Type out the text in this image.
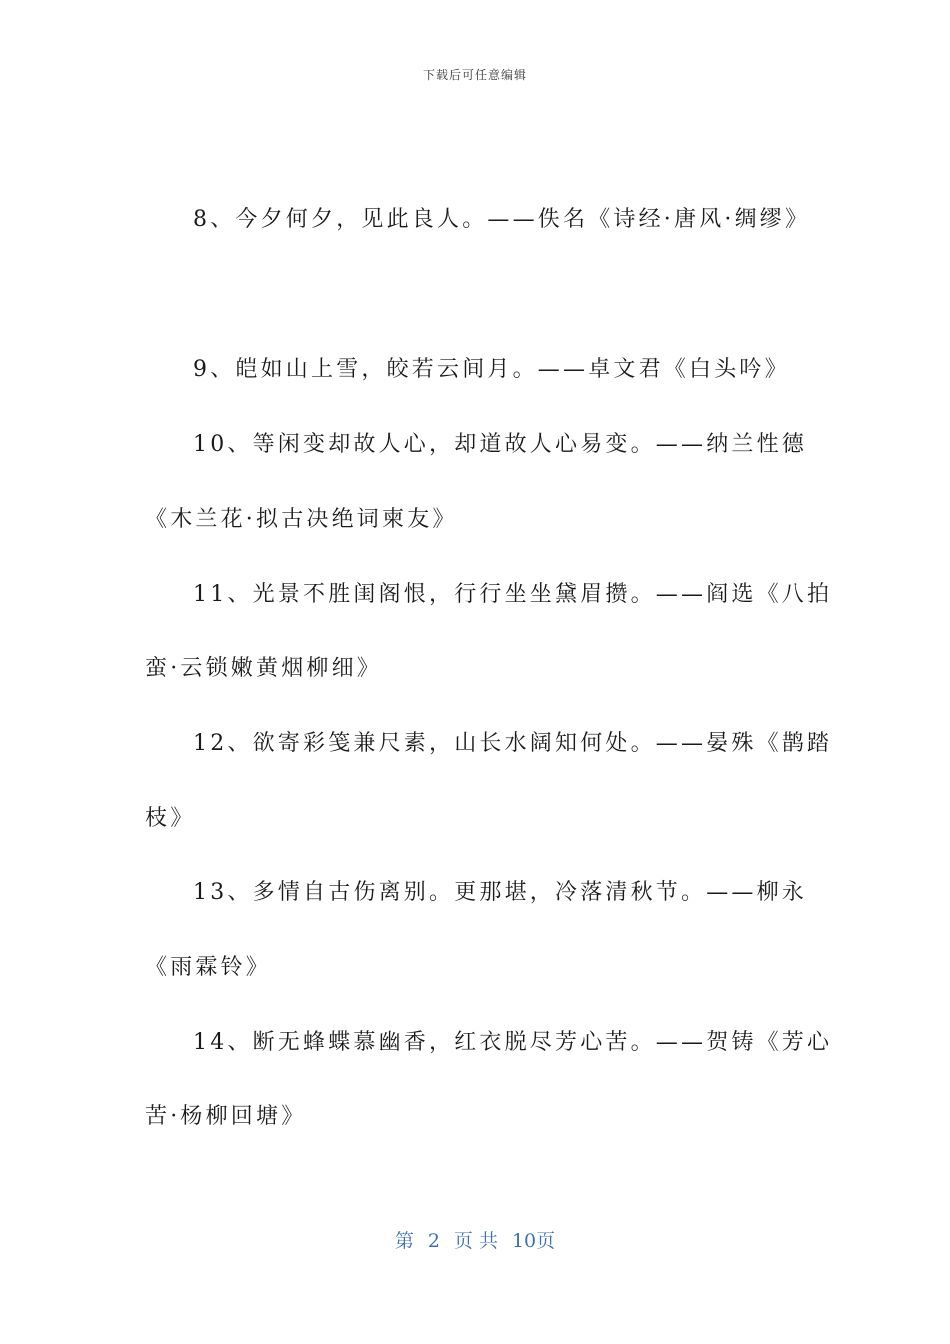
下载后可任意编辑
8、今夕何夕，见此良人。——佚名《诗经·唐风·绸缪》
9、皑如山上雪，皎若云间月。——卓文君《白头吟》
10、等闲变却故人心，却道故人心易变。——纳兰性德
《木兰花·拟古决绝词柬友》
11、光景不胜闺阁恨，行行坐坐黛眉攒。——阎选《八拍
蛮·云锁嫩黄烟柳细》
12、欲寄彩笺兼尺素，山长水阔知何处。——晏殊《鹊踏
枝》
13、多情自古伤离别。更那堪，冷落清秋节。——柳永
《雨霖铃》
14、断无蜂蝶慕幽香，红衣脱尽芳心苦。——贺铸《芳心
苦·杨柳回塘》
第 2 页 共 10页
